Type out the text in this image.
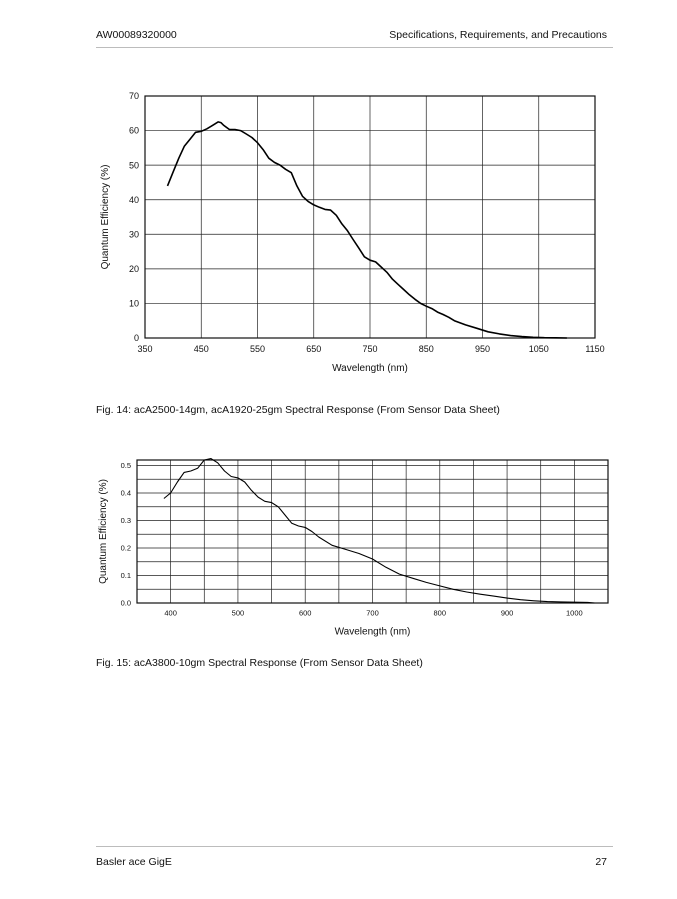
AW00089320000	Specifications, Requirements, and Precautions
350	450	550	650	750	850	950	1050	1150
0
10
20
30
40
50
60
70
Wavelength (nm)
Quantum Efficiency (%)
Fig. 14: acA2500-14gm, acA1920-25gm Spectral Response (From Sensor Data Sheet)
400	500	600	700	800	900	1000
0.0
0.1
0.2
0.3
0.4
0.5
Wavelength (nm)
Quantum Efficiency (%)
Fig. 15: acA3800-10gm Spectral Response (From Sensor Data Sheet)
Basler ace GigE	27
